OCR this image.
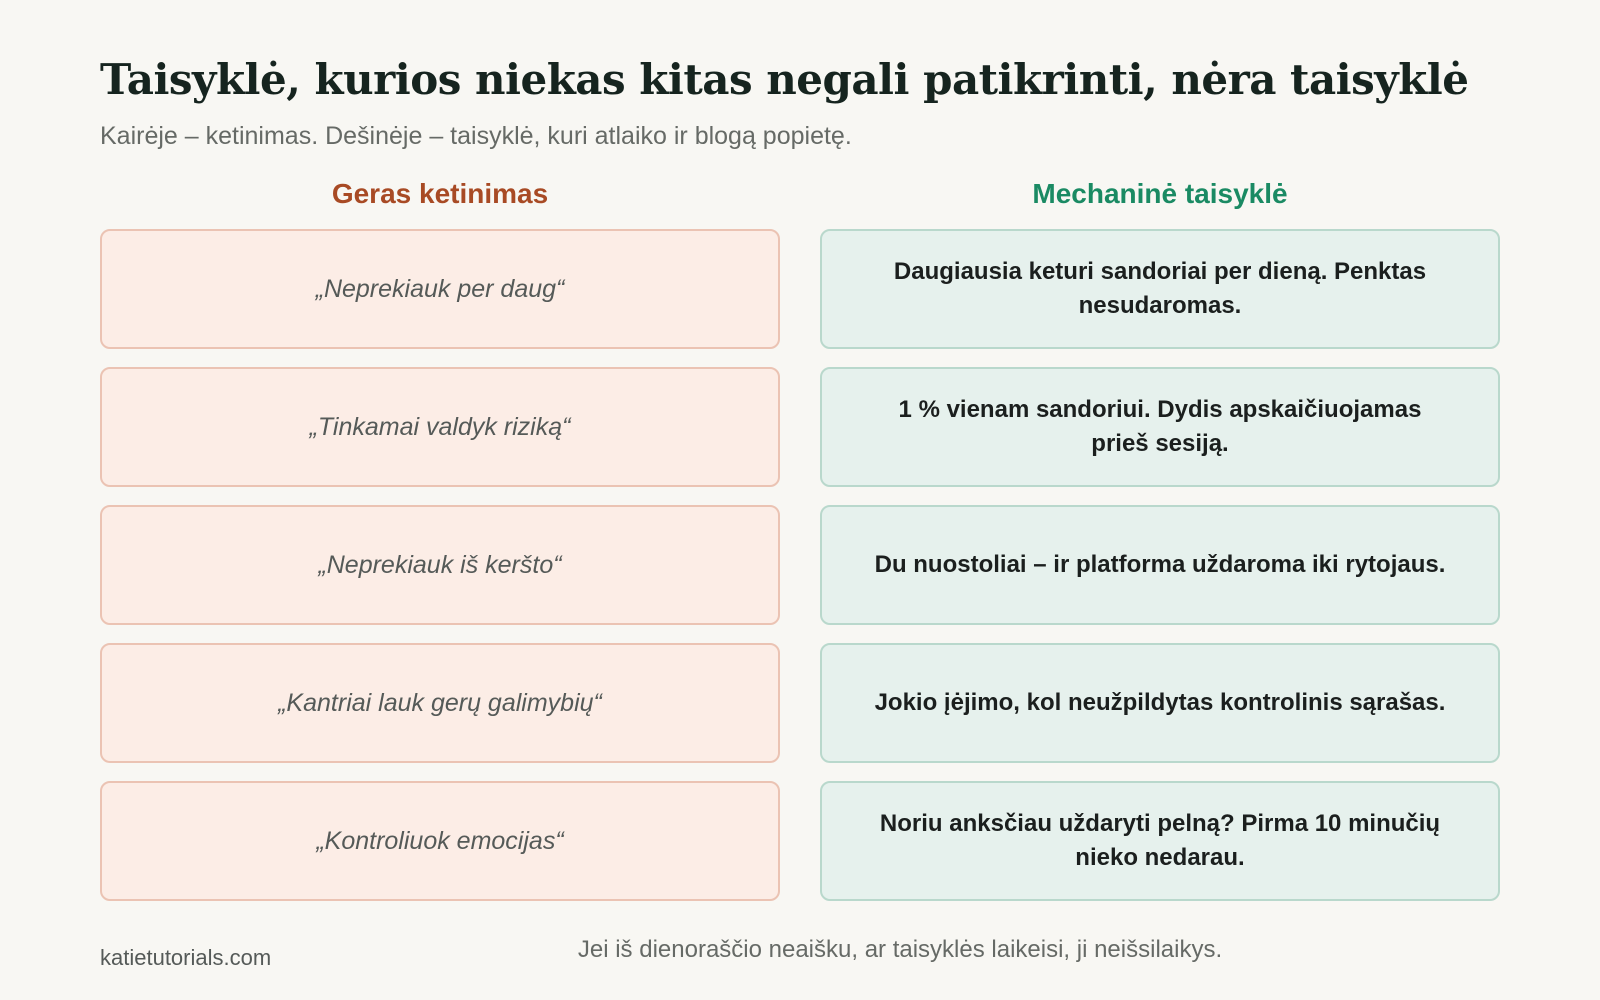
Taisyklė, kurios niekas kitas negali patikrinti, nėra taisyklė

Kairėje – ketinimas. Dešinėje – taisyklė, kuri atlaiko ir blogą popietę.

Geras ketinimas	Mechaninė taisyklė
„Neprekiauk per daug“
„Tinkamai valdyk riziką“
„Neprekiauk iš keršto“
„Kantriai lauk gerų galimybių“
„Kontroliuok emocijas“
Daugiausia keturi sandoriai per dieną. Penktas nesudaromas.
1 % vienam sandoriui. Dydis apskaičiuojamas prieš sesiją.
Du nuostoliai – ir platforma uždaroma iki rytojaus.
Jokio įėjimo, kol neužpildytas kontrolinis sąrašas.
Noriu anksčiau uždaryti pelną? Pirma 10 minučių nieko nedarau.
katietutorials.com	Jei iš dienoraščio neaišku, ar taisyklės laikeisi, ji neišsilaikys.
